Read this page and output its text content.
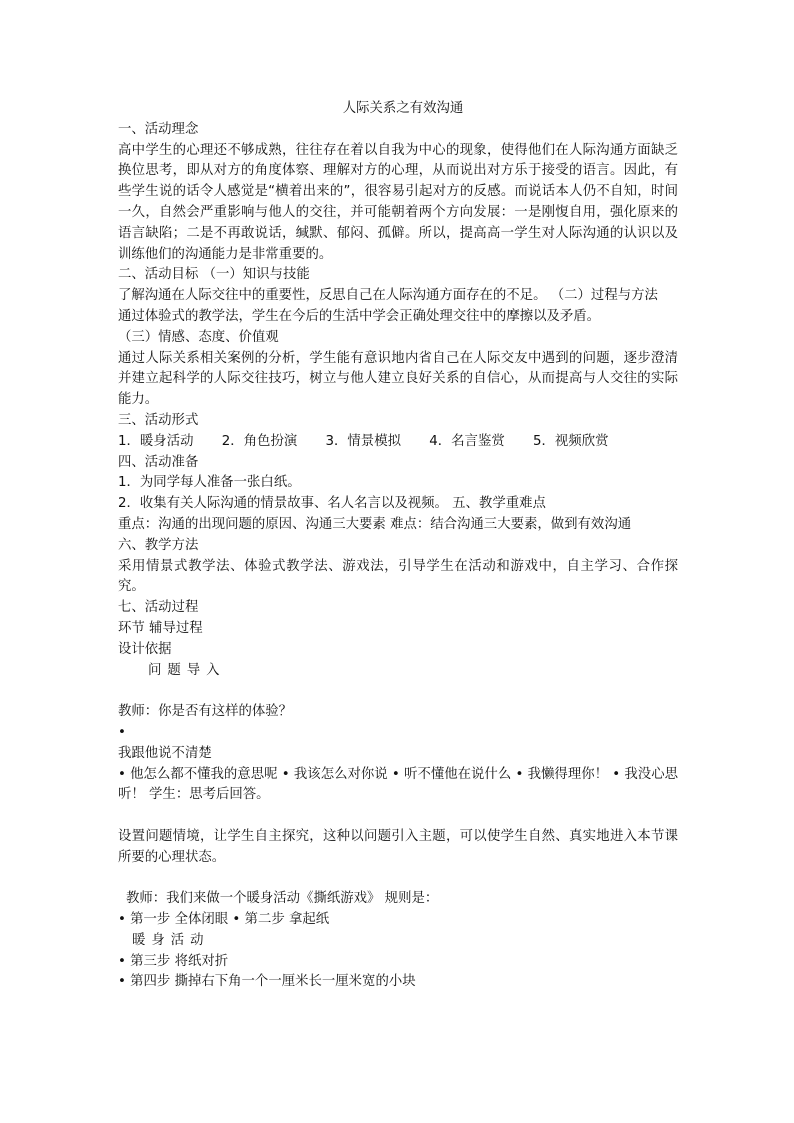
人际关系之有效沟通
一、活动理念
高中学生的心理还不够成熟，往往存在着以自我为中心的现象，使得他们在人际沟通方面缺乏换位思考，即从对方的角度体察、理解对方的心理，从而说出对方乐于接受的语言。因此，有些学生说的话令人感觉是“横着出来的”，很容易引起对方的反感。而说话本人仍不自知，时间一久，自然会严重影响与他人的交往，并可能朝着两个方向发展：一是刚愎自用，强化原来的语言缺陷；二是不再敢说话，缄默、郁闷、孤僻。所以，提高高一学生对人际沟通的认识以及训练他们的沟通能力是非常重要的。
二、活动目标 （一）知识与技能
了解沟通在人际交往中的重要性，反思自己在人际沟通方面存在的不足。 （二）过程与方法
通过体验式的教学法，学生在今后的生活中学会正确处理交往中的摩擦以及矛盾。
（三）情感、态度、价值观
通过人际关系相关案例的分析，学生能有意识地内省自己在人际交友中遇到的问题，逐步澄清并建立起科学的人际交往技巧，树立与他人建立良好关系的自信心，从而提高与人交往的实际能力。
三、活动形式
1．暖身活动 2．角色扮演 3．情景模拟 4．名言鉴赏 5．视频欣赏
四、活动准备
1．为同学每人准备一张白纸。
2．收集有关人际沟通的情景故事、名人名言以及视频。 五、教学重难点
重点：沟通的出现问题的原因、沟通三大要素 难点：结合沟通三大要素，做到有效沟通
六、教学方法
采用情景式教学法、体验式教学法、游戏法，引导学生在活动和游戏中，自主学习、合作探究。
七、活动过程
环节 辅导过程
设计依据
问题导入
教师：你是否有这样的体验？
•
我跟他说不清楚
• 他怎么都不懂我的意思呢 • 我该怎么对你说 • 听不懂他在说什么 • 我懒得理你！ • 我没心思听！ 学生：思考后回答。
设置问题情境，让学生自主探究，这种以问题引入主题，可以使学生自然、真实地进入本节课所要的心理状态。
教师：我们来做一个暖身活动《撕纸游戏》 规则是：
• 第一步 全体闭眼 • 第二步 拿起纸
暖身活动
• 第三步 将纸对折
• 第四步 撕掉右下角一个一厘米长一厘米宽的小块
